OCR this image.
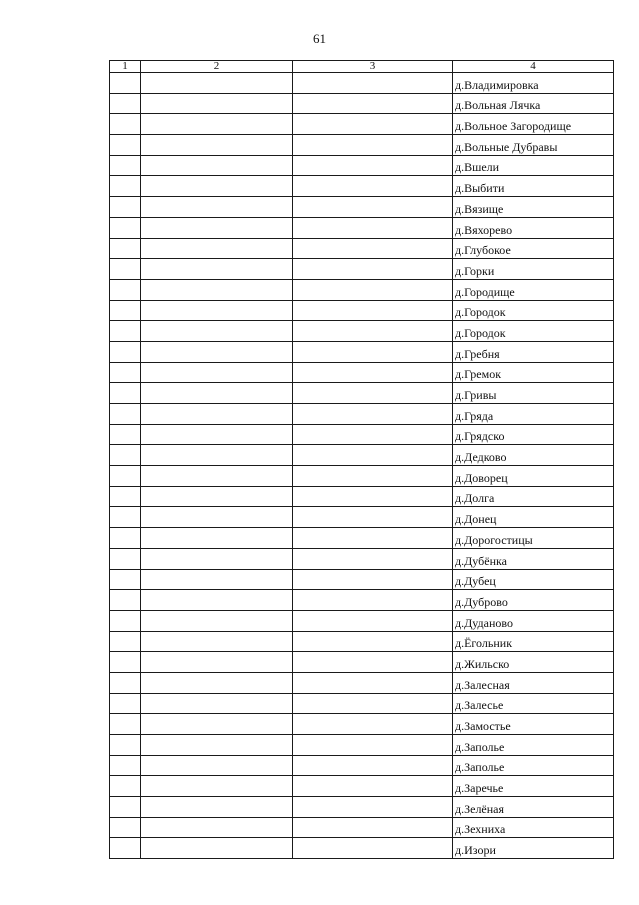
61
1	2	3	4
			д.Владимировка
			д.Вольная Лячка
			д.Вольное Загородище
			д.Вольные Дубравы
			д.Вшели
			д.Выбити
			д.Вязище
			д.Вяхорево
			д.Глубокое
			д.Горки
			д.Городище
			д.Городок
			д.Городок
			д.Гребня
			д.Гремок
			д.Гривы
			д.Гряда
			д.Грядско
			д.Дедково
			д.Доворец
			д.Долга
			д.Донец
			д.Дорогостицы
			д.Дубёнка
			д.Дубец
			д.Дуброво
			д.Дуданово
			д.Ёгольник
			д.Жильско
			д.Залесная
			д.Залесье
			д.Замостье
			д.Заполье
			д.Заполье
			д.Заречье
			д.Зелёная
			д.Зехниха
			д.Изори
